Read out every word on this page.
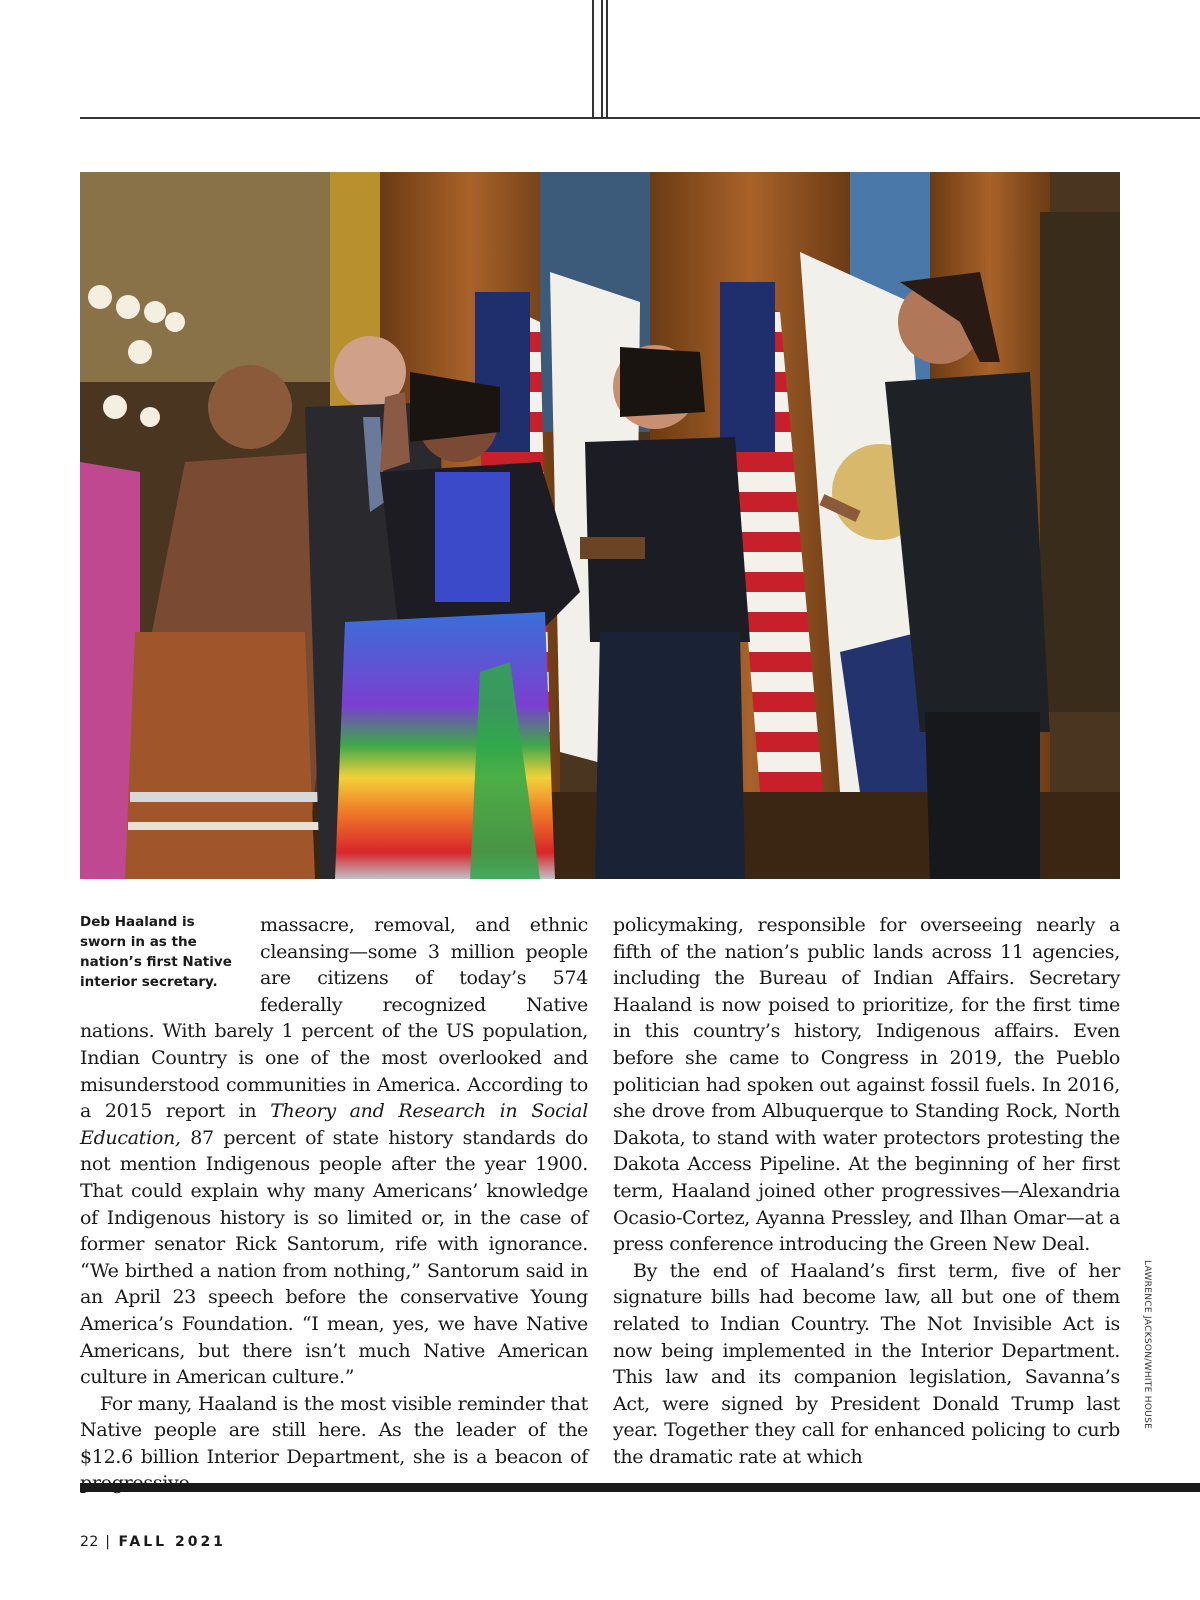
Deb Haaland is sworn in as the nation’s first Native interior secretary.

massacre, removal, and ethnic cleansing—some 3 million people are citizens of today’s 574 federally recognized Native nations. With barely 1 percent of the US population, Indian Country is one of the most overlooked and misunderstood communities in America. According to a 2015 report in Theory and Research in Social Education, 87 percent of state history standards do not mention Indigenous people after the year 1900. That could explain why many Americans’ knowledge of Indigenous history is so limited or, in the case of former senator Rick Santorum, rife with ignorance. “We birthed a nation from nothing,” Santorum said in an April 23 speech before the conservative Young America’s Foundation. “I mean, yes, we have Native Americans, but there isn’t much Native American culture in American culture.”

For many, Haaland is the most visible reminder that Native people are still here. As the leader of the $12.6 billion Interior Department, she is a beacon of

policymaking, responsible for overseeing nearly a fifth of the nation’s public lands across 11 agencies, including the Bureau of Indian Affairs. Secretary Haaland is now poised to prioritize, for the first time in this country’s history, Indigenous affairs. Even before she came to Congress in 2019, the Pueblo politician had spoken out against fossil fuels. In 2016, she drove from Albuquerque to Standing Rock, North Dakota, to stand with water protectors protesting the Dakota Access Pipeline. At the beginning of her first term, Haaland joined other progressives—Alexandria Ocasio-Cortez, Ayanna Pressley, and Ilhan Omar—at a press conference introducing the Green New Deal.

By the end of Haaland’s first term, five of her signature bills had become law, all but one of them related to Indian Country. The Not Invisible Act is now being implemented in the Interior Department. This law and its companion legislation, Savanna’s Act, were signed by President Donald Trump last year. Together they call for enhanced policing to curb the dramatic rate at which

LAWRENCE JACKSON/WHITE HOUSE
22 | FALL 2021
